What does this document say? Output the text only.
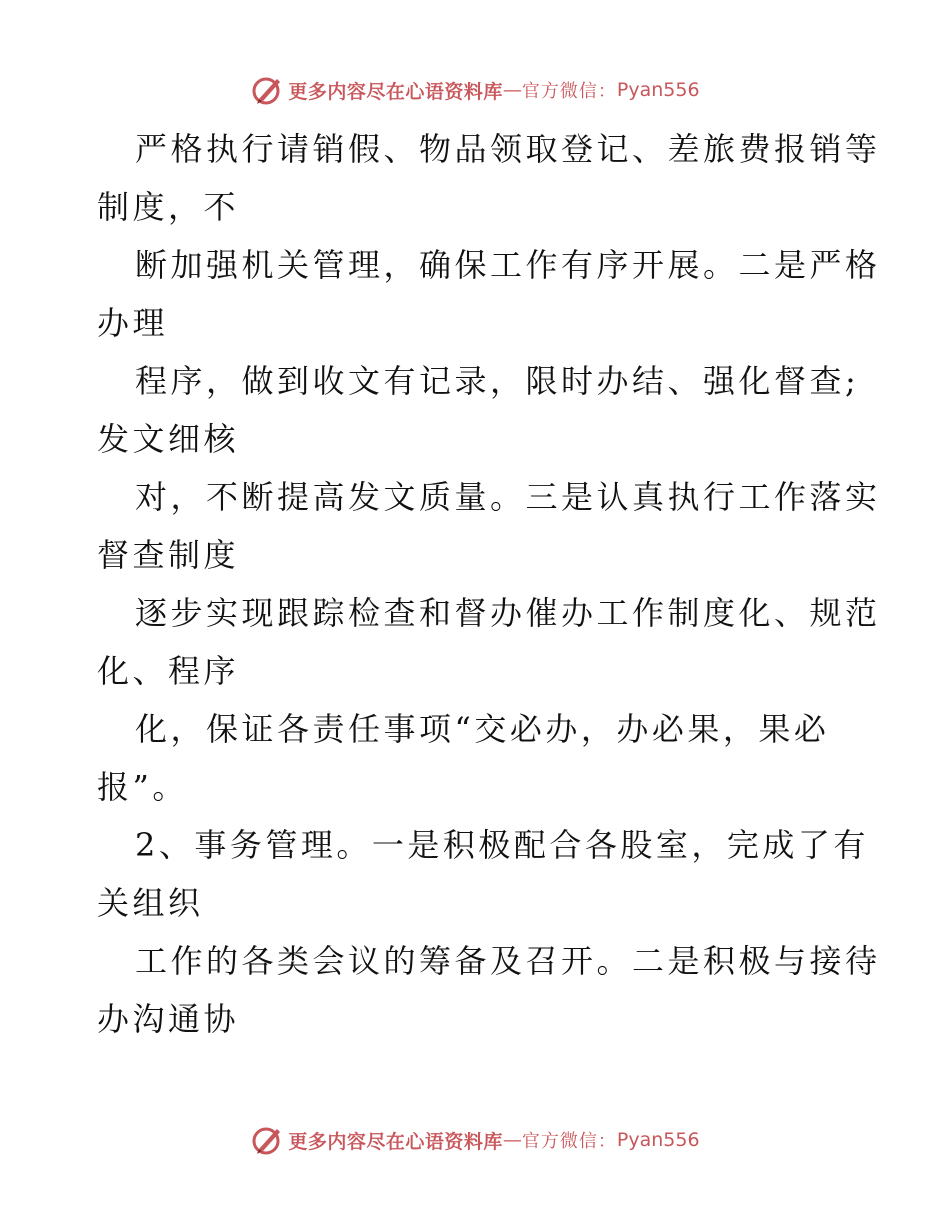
更多内容尽在心语资料库 — 官方微信： Pyan556
严格执行请销假、物品领取登记、差旅费报销等
制度，不
断加强机关管理，确保工作有序开展。二是严格
办理
程序，做到收文有记录，限时办结、强化督查;
发文细核
对，不断提高发文质量。三是认真执行工作落实
督查制度
逐步实现跟踪检查和督办催办工作制度化、规范
化、程序
化，保证各责任事项“交必办，办必果，果必
报”。
2、事务管理。一是积极配合各股室，完成了有
关组织
工作的各类会议的筹备及召开。二是积极与接待
办沟通协
更多内容尽在心语资料库 — 官方微信： Pyan556
